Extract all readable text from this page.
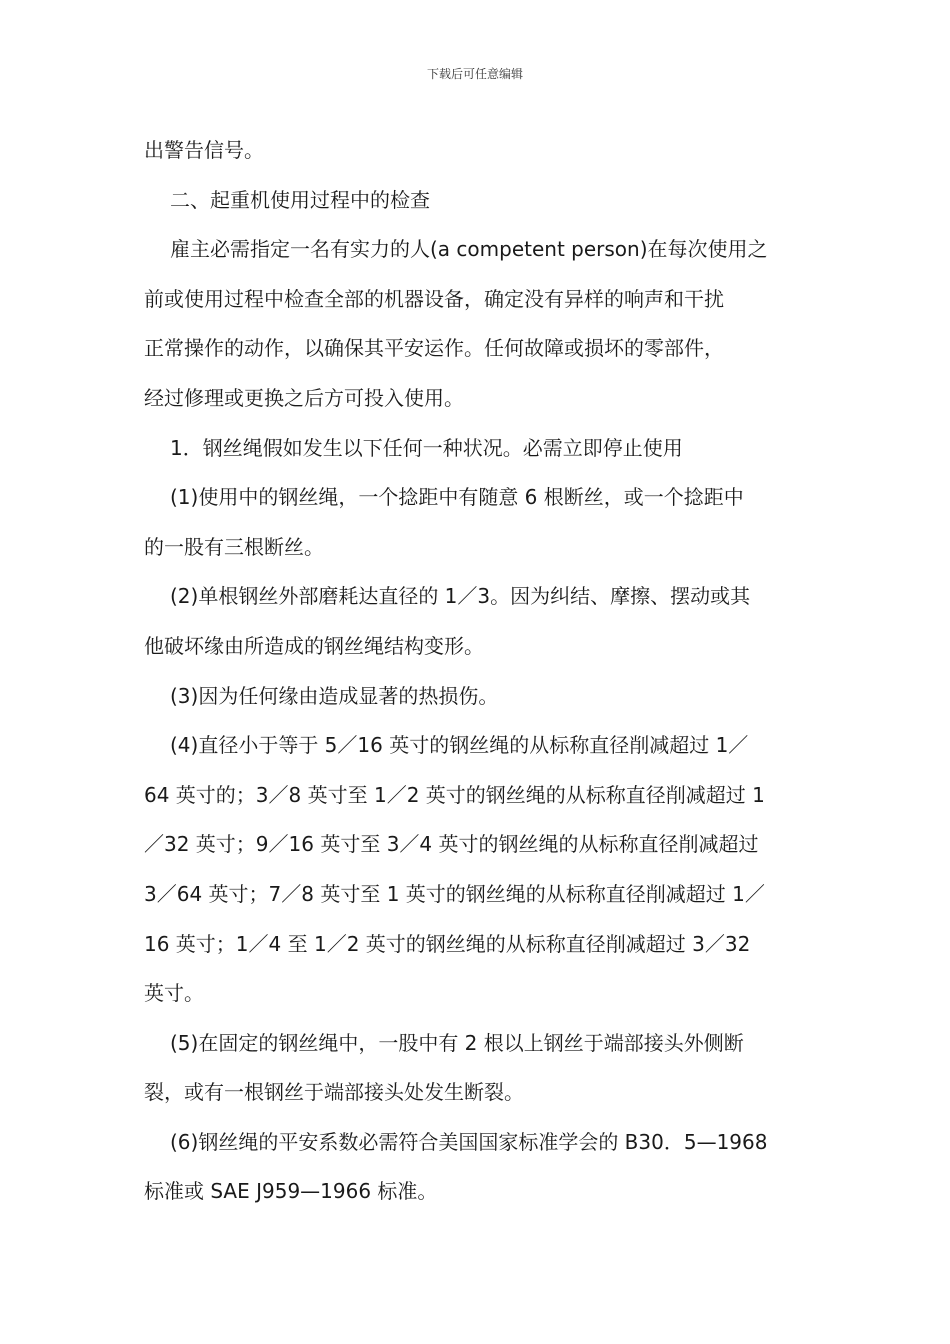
下载后可任意编辑

出警告信号。

二、起重机使用过程中的检查

雇主必需指定一名有实力的人(a competent person)在每次使用之
前或使用过程中检查全部的机器设备，确定没有异样的响声和干扰
正常操作的动作，以确保其平安运作。任何故障或损坏的零部件，
经过修理或更换之后方可投入使用。

1．钢丝绳假如发生以下任何一种状况。必需立即停止使用

(1)使用中的钢丝绳，一个捻距中有随意 6 根断丝，或一个捻距中
的一股有三根断丝。

(2)单根钢丝外部磨耗达直径的 1／3。因为纠结、摩擦、摆动或其
他破坏缘由所造成的钢丝绳结构变形。

(3)因为任何缘由造成显著的热损伤。

(4)直径小于等于 5／16 英寸的钢丝绳的从标称直径削减超过 1／
64 英寸的；3／8 英寸至 1／2 英寸的钢丝绳的从标称直径削减超过 1
／32 英寸；9／16 英寸至 3／4 英寸的钢丝绳的从标称直径削减超过
3／64 英寸；7／8 英寸至 1 英寸的钢丝绳的从标称直径削减超过 1／
16 英寸；1／4 至 1／2 英寸的钢丝绳的从标称直径削减超过 3／32
英寸。

(5)在固定的钢丝绳中，一股中有 2 根以上钢丝于端部接头外侧断
裂，或有一根钢丝于端部接头处发生断裂。

(6)钢丝绳的平安系数必需符合美国国家标准学会的 B30．5—1968
标准或 SAE J959—1966 标准。
